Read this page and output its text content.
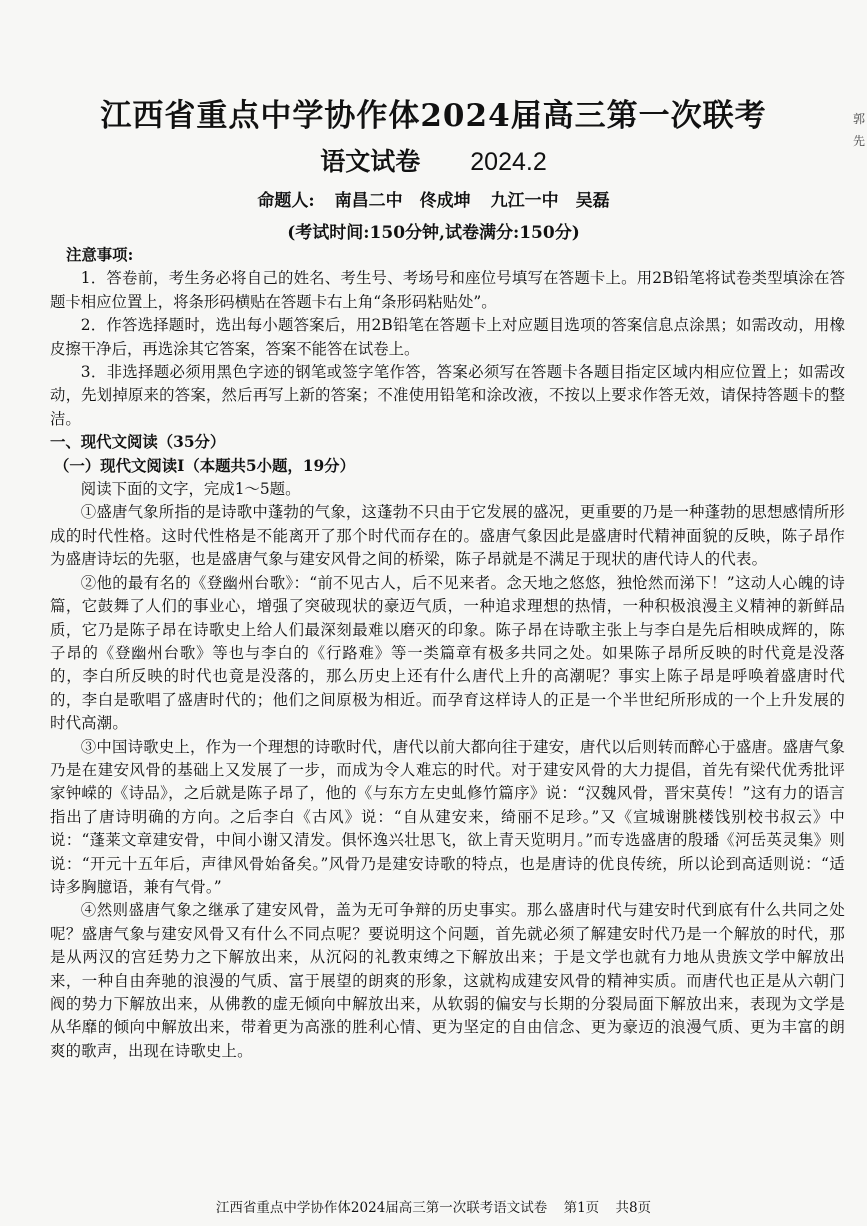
江西省重点中学协作体2024届高三第一次联考
语文试卷 2024.2
命题人: 南昌二中　佟成坤 九江一中　吴磊
(考试时间:150分钟,试卷满分:150分)

注意事项:

1．答卷前，考生务必将自己的姓名、考生号、考场号和座位号填写在答题卡上。用2B铅笔将试卷类型填涂在答题卡相应位置上，将条形码横贴在答题卡右上角“条形码粘贴处”。

2．作答选择题时，选出每小题答案后，用2B铅笔在答题卡上对应题目选项的答案信息点涂黑；如需改动，用橡皮擦干净后，再选涂其它答案，答案不能答在试卷上。

3．非选择题必须用黑色字迹的钢笔或签字笔作答，答案必须写在答题卡各题目指定区域内相应位置上；如需改动，先划掉原来的答案，然后再写上新的答案；不准使用铅笔和涂改液，不按以上要求作答无效，请保持答题卡的整洁。

一、现代文阅读（35分）

（一）现代文阅读Ⅰ（本题共5小题，19分）

阅读下面的文字，完成1～5题。

①盛唐气象所指的是诗歌中蓬勃的气象，这蓬勃不只由于它发展的盛况，更重要的乃是一种蓬勃的思想感情所形成的时代性格。这时代性格是不能离开了那个时代而存在的。盛唐气象因此是盛唐时代精神面貌的反映，陈子昂作为盛唐诗坛的先驱，也是盛唐气象与建安风骨之间的桥梁，陈子昂就是不满足于现状的唐代诗人的代表。

②他的最有名的《登幽州台歌》：“前不见古人，后不见来者。念天地之悠悠，独怆然而涕下！”这动人心魄的诗篇，它鼓舞了人们的事业心，增强了突破现状的豪迈气质，一种追求理想的热情，一种积极浪漫主义精神的新鲜品质，它乃是陈子昂在诗歌史上给人们最深刻最难以磨灭的印象。陈子昂在诗歌主张上与李白是先后相映成辉的，陈子昂的《登幽州台歌》等也与李白的《行路难》等一类篇章有极多共同之处。如果陈子昂所反映的时代竟是没落的，李白所反映的时代也竟是没落的，那么历史上还有什么唐代上升的高潮呢？事实上陈子昂是呼唤着盛唐时代的，李白是歌唱了盛唐时代的；他们之间原极为相近。而孕育这样诗人的正是一个半世纪所形成的一个上升发展的时代高潮。

③中国诗歌史上，作为一个理想的诗歌时代，唐代以前大都向往于建安，唐代以后则转而醉心于盛唐。盛唐气象乃是在建安风骨的基础上又发展了一步，而成为令人难忘的时代。对于建安风骨的大力提倡，首先有梁代优秀批评家钟嵘的《诗品》，之后就是陈子昂了，他的《与东方左史虬修竹篇序》说：“汉魏风骨，晋宋莫传！”这有力的语言指出了唐诗明确的方向。之后李白《古风》说：“自从建安来，绮丽不足珍。”又《宣城谢朓楼饯别校书叔云》中说：“蓬莱文章建安骨，中间小谢又清发。俱怀逸兴壮思飞，欲上青天览明月。”而专选盛唐的殷璠《河岳英灵集》则说：“开元十五年后，声律风骨始备矣。”风骨乃是建安诗歌的特点，也是唐诗的优良传统，所以论到高适则说：“适诗多胸臆语，兼有气骨。”

④然则盛唐气象之继承了建安风骨，盖为无可争辩的历史事实。那么盛唐时代与建安时代到底有什么共同之处呢？盛唐气象与建安风骨又有什么不同点呢？要说明这个问题，首先就必须了解建安时代乃是一个解放的时代，那是从两汉的宫廷势力之下解放出来，从沉闷的礼教束缚之下解放出来；于是文学也就有力地从贵族文学中解放出来，一种自由奔驰的浪漫的气质、富于展望的朗爽的形象，这就构成建安风骨的精神实质。而唐代也正是从六朝门阀的势力下解放出来，从佛教的虚无倾向中解放出来，从软弱的偏安与长期的分裂局面下解放出来，表现为文学是从华靡的倾向中解放出来，带着更为高涨的胜利心情、更为坚定的自由信念、更为豪迈的浪漫气质、更为丰富的朗爽的歌声，出现在诗歌史上。

郭 先
江西省重点中学协作体2024届高三第一次联考语文试卷 第1页 共8页
